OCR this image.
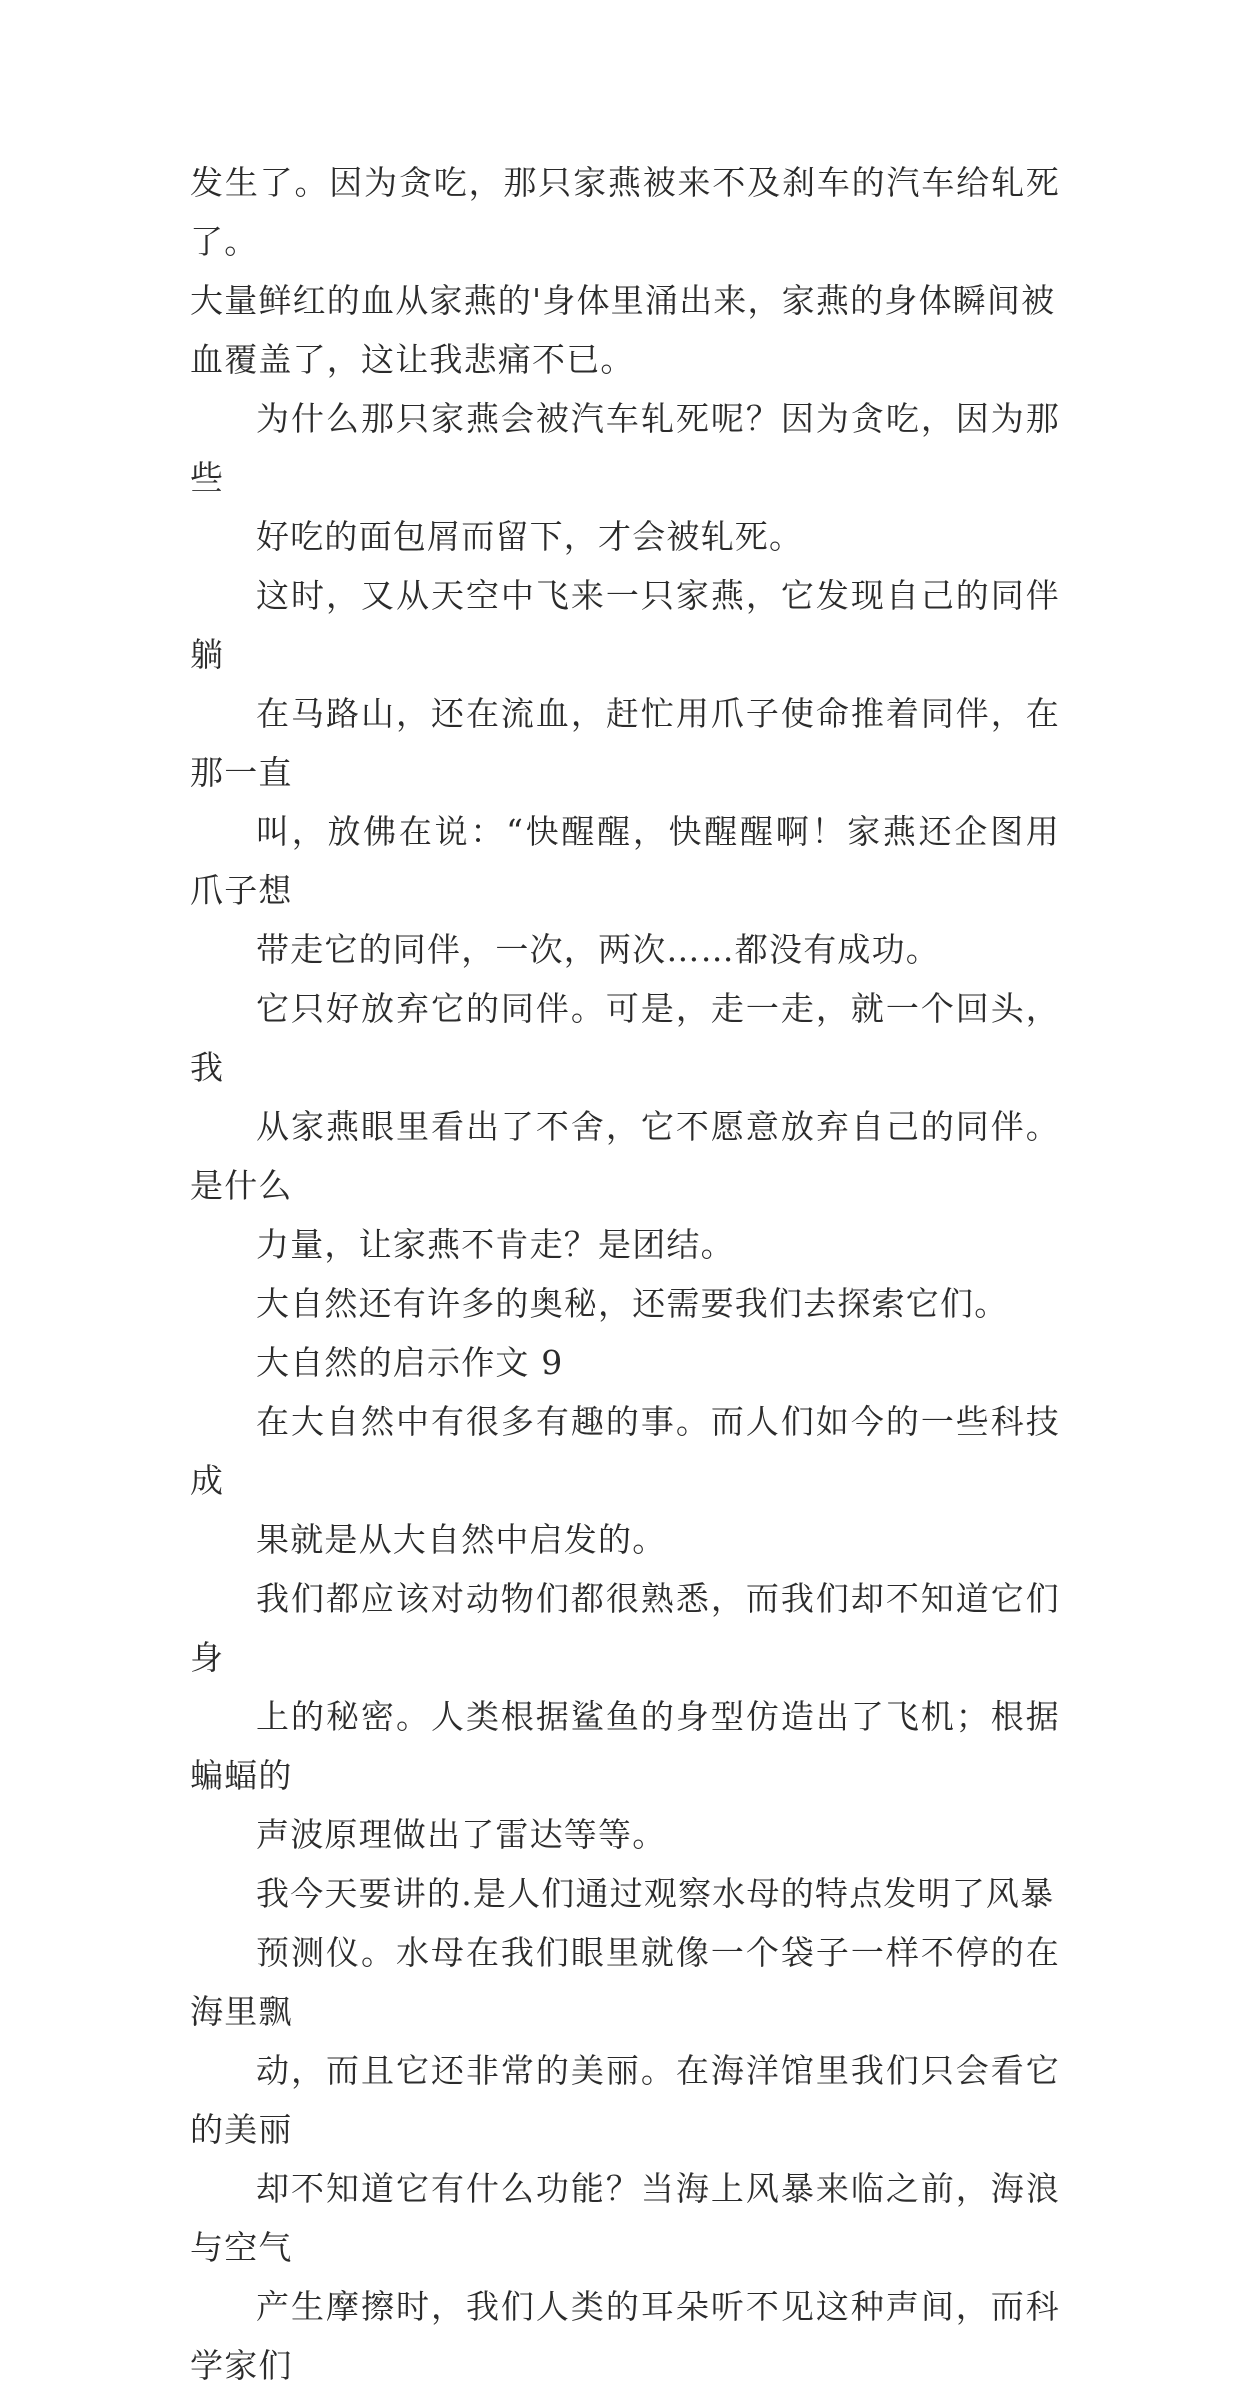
发生了。因为贪吃，那只家燕被来不及刹车的汽车给轧死了。
大量鲜红的血从家燕的'身体里涌出来，家燕的身体瞬间被
血覆盖了，这让我悲痛不已。

为什么那只家燕会被汽车轧死呢？因为贪吃，因为那些
好吃的面包屑而留下，才会被轧死。

这时，又从天空中飞来一只家燕，它发现自己的同伴躺
在马路山，还在流血，赶忙用爪子使命推着同伴，在那一直
叫，放佛在说：“快醒醒，快醒醒啊！家燕还企图用爪子想
带走它的同伴，一次，两次……都没有成功。

它只好放弃它的同伴。可是，走一走，就一个回头，我
从家燕眼里看出了不舍，它不愿意放弃自己的同伴。是什么
力量，让家燕不肯走？是团结。

大自然还有许多的奥秘，还需要我们去探索它们。

大自然的启示作文 9

在大自然中有很多有趣的事。而人们如今的一些科技成
果就是从大自然中启发的。

我们都应该对动物们都很熟悉，而我们却不知道它们身
上的秘密。人类根据鲨鱼的身型仿造出了飞机；根据蝙蝠的
声波原理做出了雷达等等。

我今天要讲的.是人们通过观察水母的特点发明了风暴
预测仪。水母在我们眼里就像一个袋子一样不停的在海里飘
动，而且它还非常的美丽。在海洋馆里我们只会看它的美丽
却不知道它有什么功能？当海上风暴来临之前，海浪与空气
产生摩擦时，我们人类的耳朵听不见这种声间，而科学家们
